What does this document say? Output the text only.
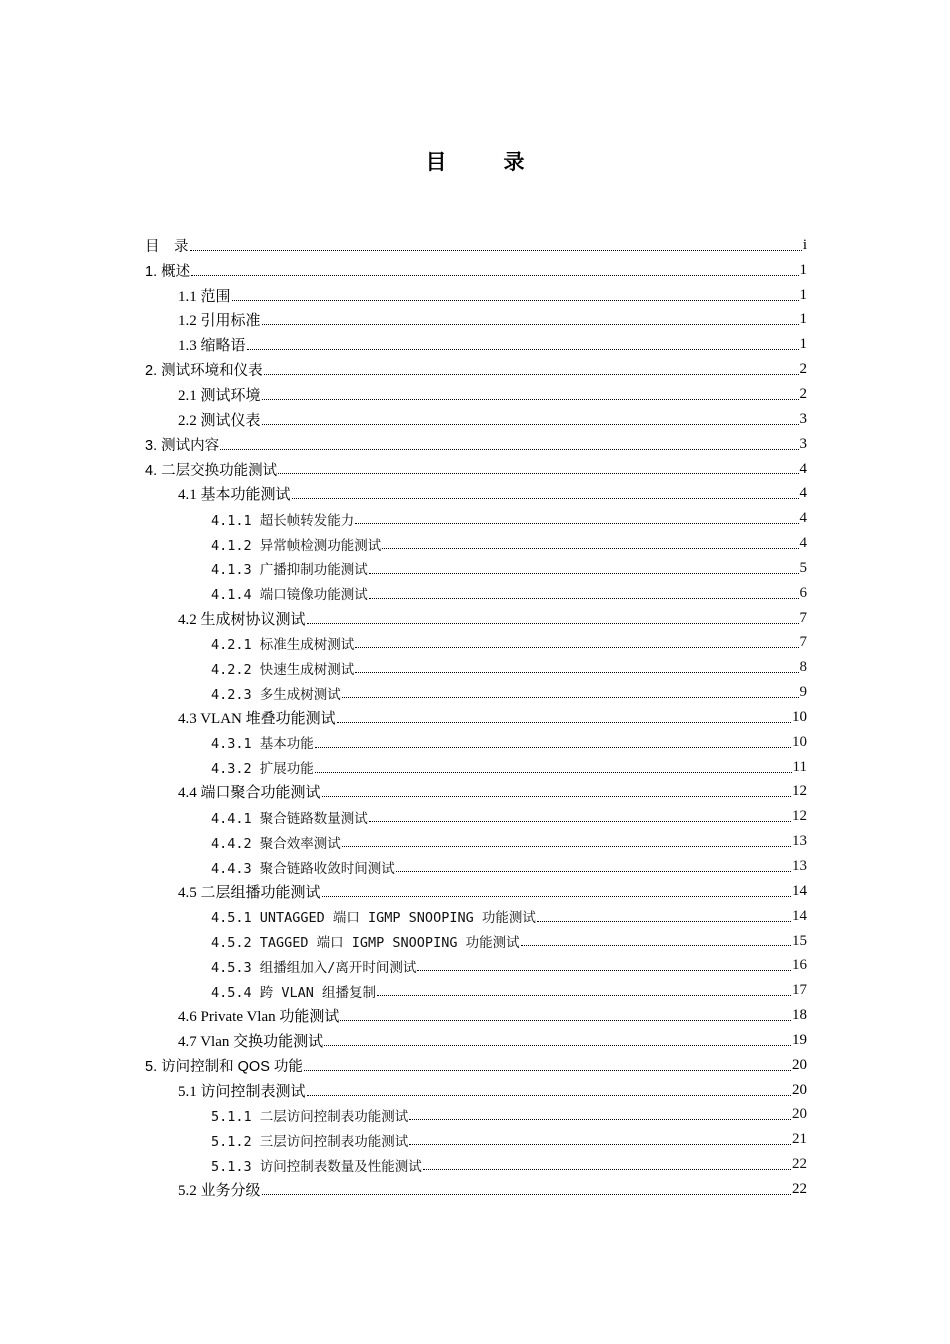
目　录
目　录	i
1. 概述	1
1.1 范围	1
1.2 引用标准	1
1.3 缩略语	1
2. 测试环境和仪表	2
2.1 测试环境	2
2.2 测试仪表	3
3. 测试内容	3
4. 二层交换功能测试	4
4.1 基本功能测试	4
4.1.1 超长帧转发能力	4
4.1.2 异常帧检测功能测试	4
4.1.3 广播抑制功能测试	5
4.1.4 端口镜像功能测试	6
4.2 生成树协议测试	7
4.2.1 标准生成树测试	7
4.2.2 快速生成树测试	8
4.2.3 多生成树测试	9
4.3 VLAN 堆叠功能测试	10
4.3.1 基本功能	10
4.3.2 扩展功能	11
4.4 端口聚合功能测试	12
4.4.1 聚合链路数量测试	12
4.4.2 聚合效率测试	13
4.4.3 聚合链路收敛时间测试	13
4.5 二层组播功能测试	14
4.5.1 UNTAGGED 端口 IGMP SNOOPING 功能测试	14
4.5.2 TAGGED 端口 IGMP SNOOPING 功能测试	15
4.5.3 组播组加入/离开时间测试	16
4.5.4 跨 VLAN 组播复制	17
4.6 Private Vlan 功能测试	18
4.7 Vlan 交换功能测试	19
5. 访问控制和 QOS 功能	20
5.1 访问控制表测试	20
5.1.1 二层访问控制表功能测试	20
5.1.2 三层访问控制表功能测试	21
5.1.3 访问控制表数量及性能测试	22
5.2 业务分级	22
